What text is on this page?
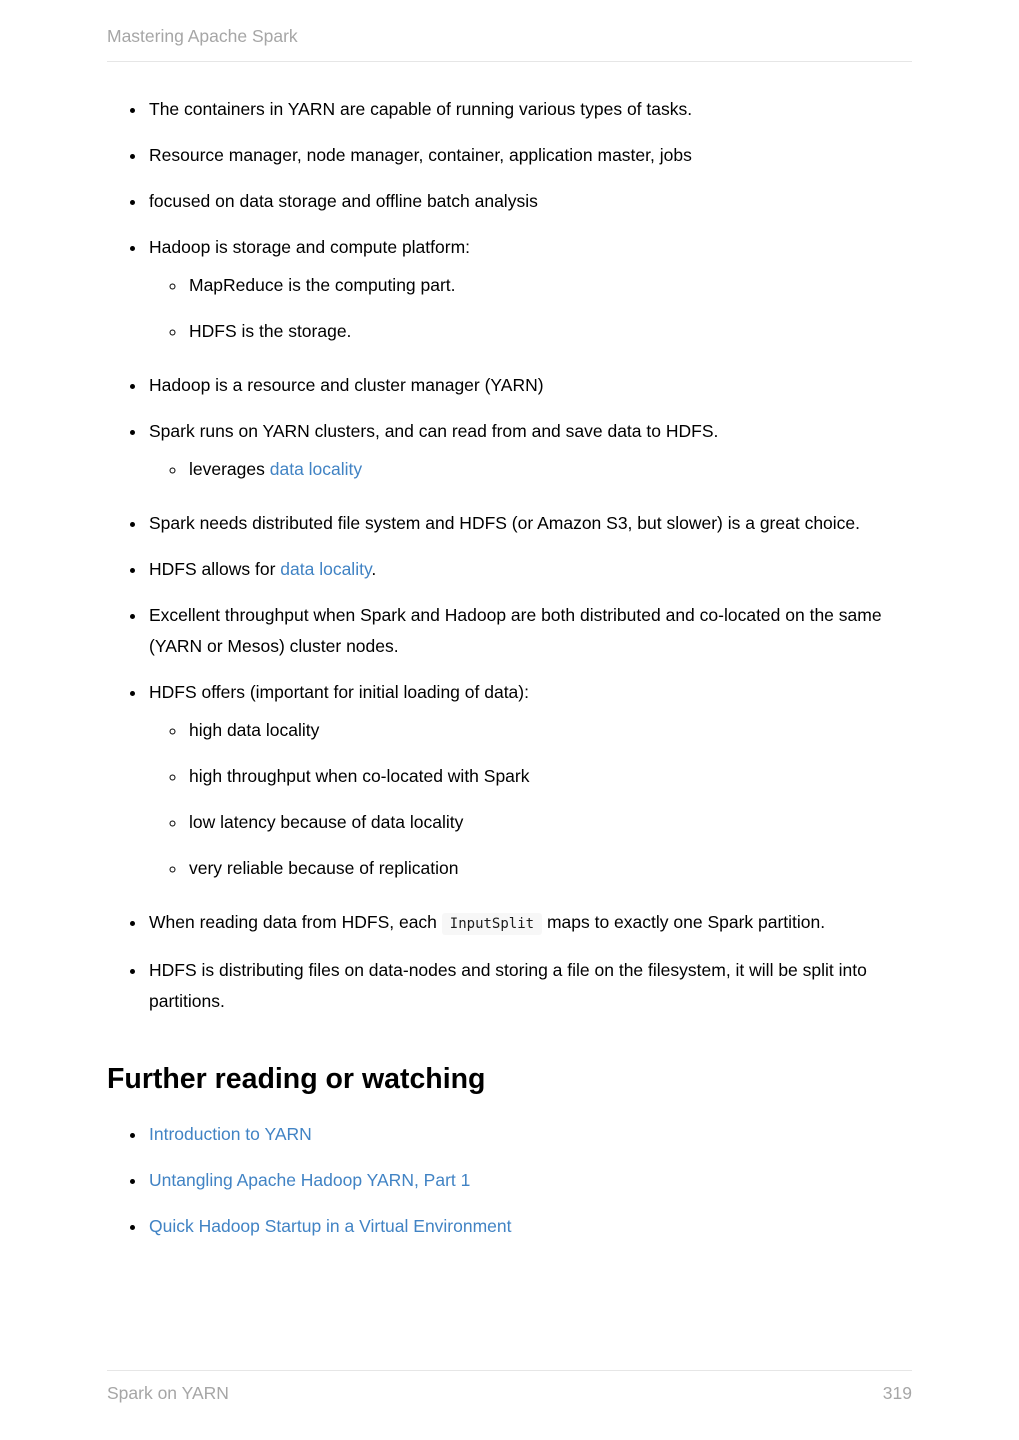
Mastering Apache Spark
• The containers in YARN are capable of running various types of tasks.
• Resource manager, node manager, container, application master, jobs
• focused on data storage and offline batch analysis
• Hadoop is storage and compute platform:
◦ MapReduce is the computing part.
◦ HDFS is the storage.
• Hadoop is a resource and cluster manager (YARN)
• Spark runs on YARN clusters, and can read from and save data to HDFS.
◦ leverages data locality
• Spark needs distributed file system and HDFS (or Amazon S3, but slower) is a great choice.
• HDFS allows for data locality.
• Excellent throughput when Spark and Hadoop are both distributed and co-located on the same (YARN or Mesos) cluster nodes.
• HDFS offers (important for initial loading of data):
◦ high data locality
◦ high throughput when co-located with Spark
◦ low latency because of data locality
◦ very reliable because of replication
• When reading data from HDFS, each InputSplit maps to exactly one Spark partition.
• HDFS is distributing files on data-nodes and storing a file on the filesystem, it will be split into partitions.
Further reading or watching
• Introduction to YARN
• Untangling Apache Hadoop YARN, Part 1
• Quick Hadoop Startup in a Virtual Environment
Spark on YARN	319
